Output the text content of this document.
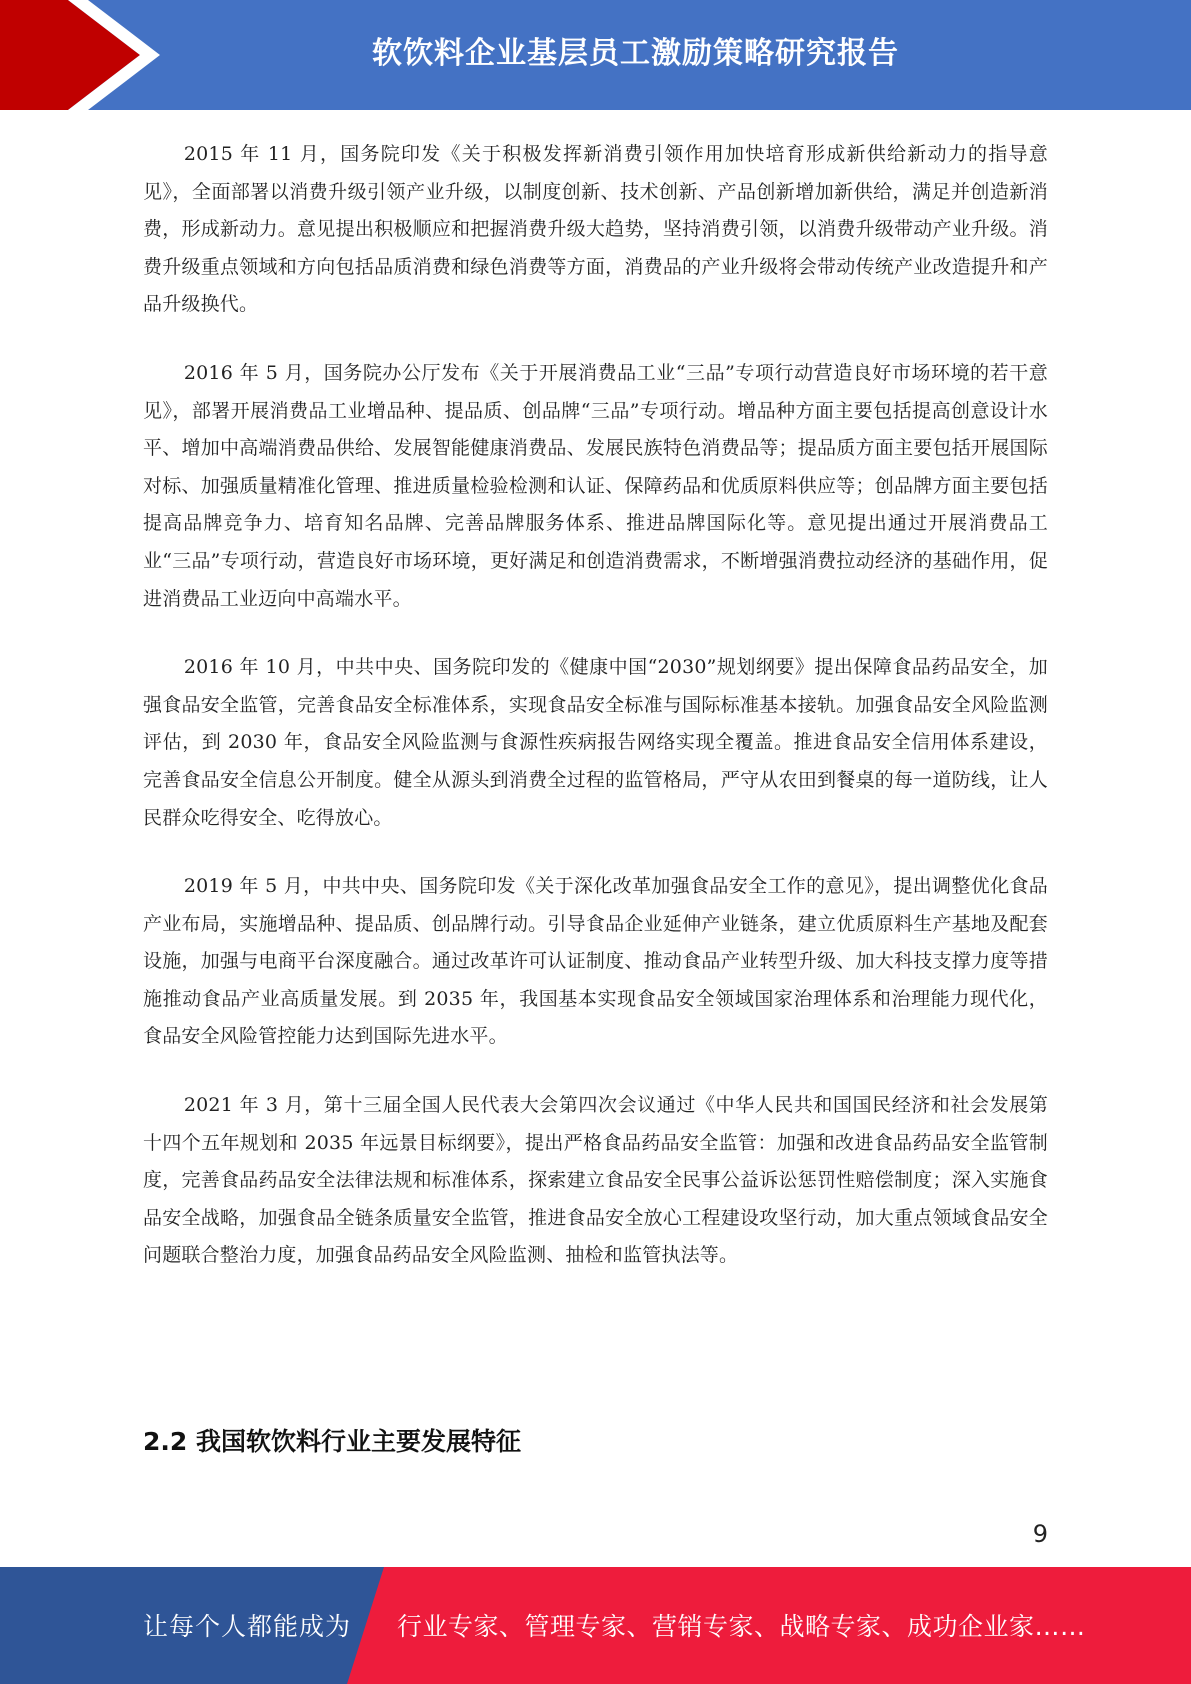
软饮料企业基层员工激励策略研究报告

2015 年 11 月，国务院印发《关于积极发挥新消费引领作用加快培育形成新供给新动力的指导意见》，全面部署以消费升级引领产业升级，以制度创新、技术创新、产品创新增加新供给，满足并创造新消费，形成新动力。意见提出积极顺应和把握消费升级大趋势，坚持消费引领，以消费升级带动产业升级。消费升级重点领域和方向包括品质消费和绿色消费等方面，消费品的产业升级将会带动传统产业改造提升和产品升级换代。

2016 年 5 月，国务院办公厅发布《关于开展消费品工业“三品”专项行动营造良好市场环境的若干意见》，部署开展消费品工业增品种、提品质、创品牌“三品”专项行动。增品种方面主要包括提高创意设计水平、增加中高端消费品供给、发展智能健康消费品、发展民族特色消费品等；提品质方面主要包括开展国际对标、加强质量精准化管理、推进质量检验检测和认证、保障药品和优质原料供应等；创品牌方面主要包括提高品牌竞争力、培育知名品牌、完善品牌服务体系、推进品牌国际化等。意见提出通过开展消费品工业“三品”专项行动，营造良好市场环境，更好满足和创造消费需求，不断增强消费拉动经济的基础作用，促进消费品工业迈向中高端水平。

2016 年 10 月，中共中央、国务院印发的《健康中国“2030”规划纲要》提出保障食品药品安全，加强食品安全监管，完善食品安全标准体系，实现食品安全标准与国际标准基本接轨。加强食品安全风险监测评估，到 2030 年，食品安全风险监测与食源性疾病报告网络实现全覆盖。推进食品安全信用体系建设，完善食品安全信息公开制度。健全从源头到消费全过程的监管格局，严守从农田到餐桌的每一道防线，让人民群众吃得安全、吃得放心。

2019 年 5 月，中共中央、国务院印发《关于深化改革加强食品安全工作的意见》，提出调整优化食品产业布局，实施增品种、提品质、创品牌行动。引导食品企业延伸产业链条，建立优质原料生产基地及配套设施，加强与电商平台深度融合。通过改革许可认证制度、推动食品产业转型升级、加大科技支撑力度等措施推动食品产业高质量发展。到 2035 年，我国基本实现食品安全领域国家治理体系和治理能力现代化，食品安全风险管控能力达到国际先进水平。

2021 年 3 月，第十三届全国人民代表大会第四次会议通过《中华人民共和国国民经济和社会发展第十四个五年规划和 2035 年远景目标纲要》，提出严格食品药品安全监管：加强和改进食品药品安全监管制度，完善食品药品安全法律法规和标准体系，探索建立食品安全民事公益诉讼惩罚性赔偿制度；深入实施食品安全战略，加强食品全链条质量安全监管，推进食品安全放心工程建设攻坚行动，加大重点领域食品安全问题联合整治力度，加强食品药品安全风险监测、抽检和监管执法等。

2.2 我国软饮料行业主要发展特征
9
让每个人都能成为 行业专家、管理专家、营销专家、战略专家、成功企业家……
